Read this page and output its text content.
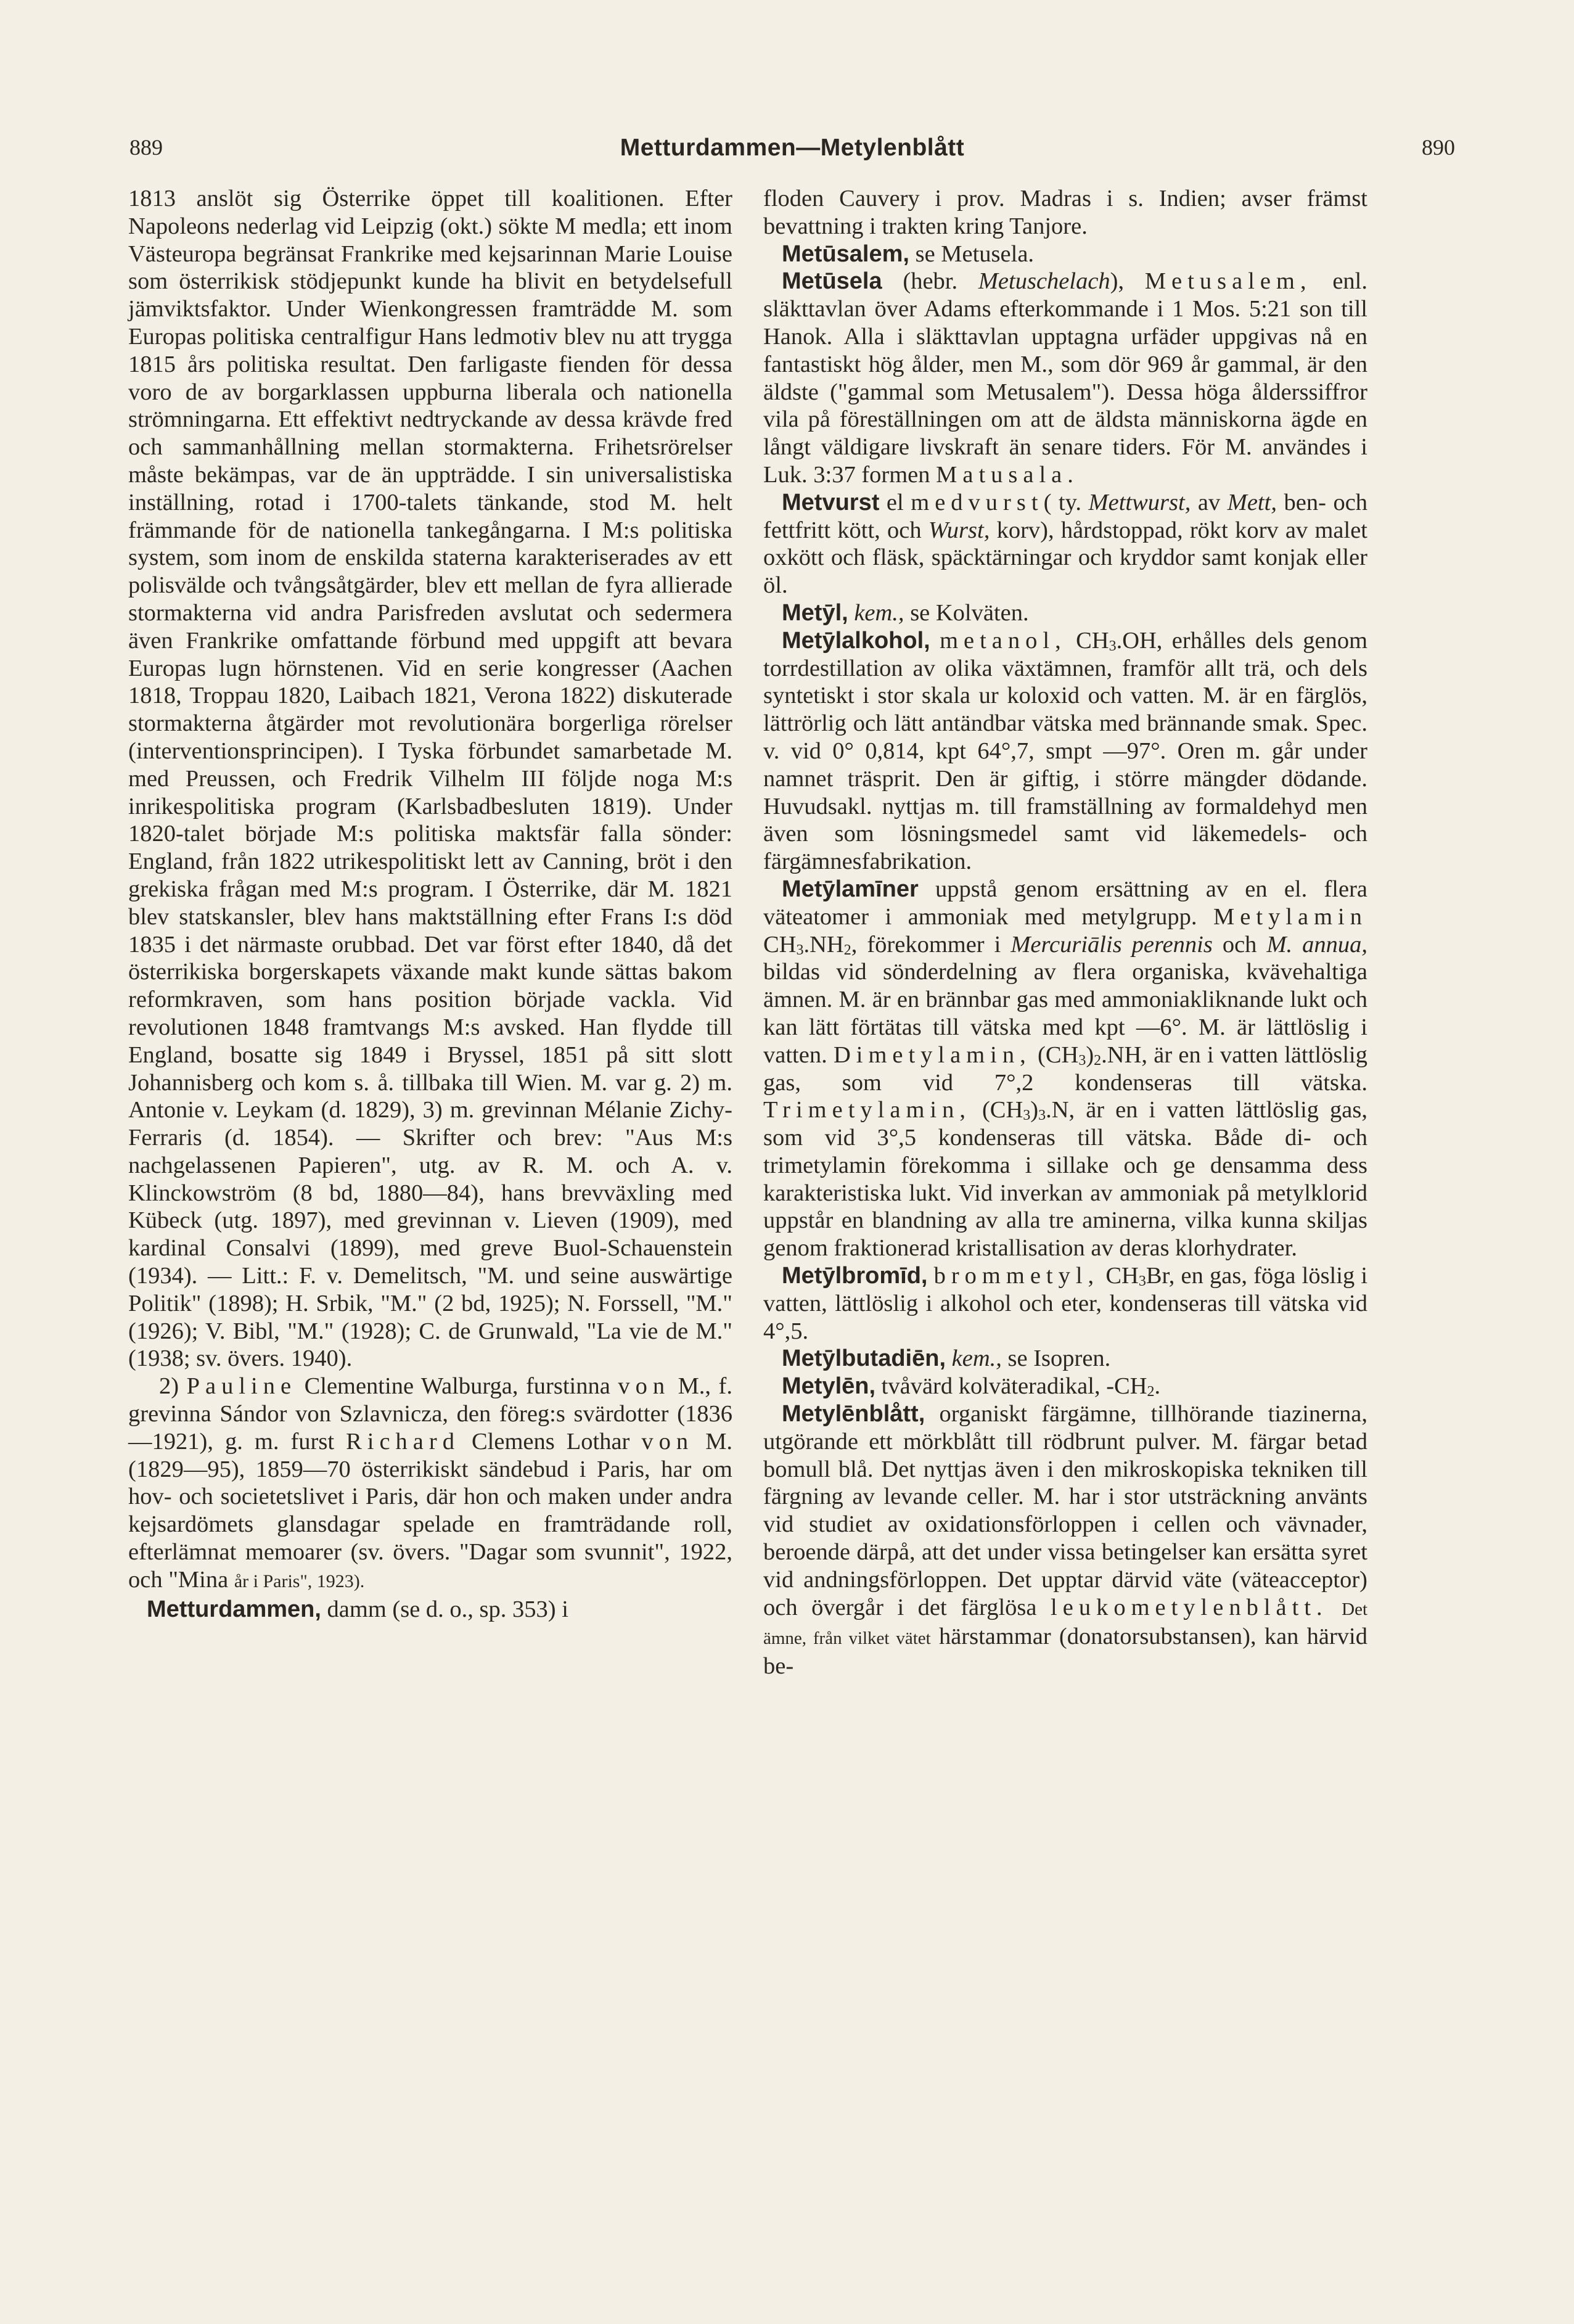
889	Metturdammen—Metylenblått	890

1813 anslöt sig Österrike öppet till koalitionen. Efter Napoleons nederlag vid Leipzig (okt.) sökte M medla; ett inom Västeuropa begränsat Frankrike med kejsarinnan Marie Louise som österrikisk stödjepunkt kunde ha blivit en betydelsefull jämviktsfaktor. Under Wienkongressen framträdde M. som Europas politiska centralfigur Hans ledmotiv blev nu att trygga 1815 års politiska resultat. Den farligaste fienden för dessa voro de av borgarklassen uppburna liberala och nationella strömningarna. Ett effektivt nedtryckande av dessa krävde fred och sammanhållning mellan stormakterna. Frihetsrörelser måste bekämpas, var de än uppträdde. I sin universalistiska inställning, rotad i 1700-talets tänkande, stod M. helt främmande för de nationella tankegångarna. I M:s politiska system, som inom de enskilda staterna karakteriserades av ett polisvälde och tvångsåtgärder, blev ett mellan de fyra allierade stormakterna vid andra Parisfreden avslutat och sedermera även Frankrike omfattande förbund med uppgift att bevara Europas lugn hörnstenen. Vid en serie kongresser (Aachen 1818, Troppau 1820, Laibach 1821, Verona 1822) diskuterade stormakterna åtgärder mot revolutionära borgerliga rörelser (interventionsprincipen). I Tyska förbundet samarbetade M. med Preussen, och Fredrik Vilhelm III följde noga M:s inrikespolitiska program (Karlsbadbesluten 1819). Under 1820-talet började M:s politiska maktsfär falla sönder: England, från 1822 utrikespolitiskt lett av Canning, bröt i den grekiska frågan med M:s program. I Österrike, där M. 1821 blev statskansler, blev hans maktställning efter Frans I:s död 1835 i det närmaste orubbad. Det var först efter 1840, då det österrikiska borgerskapets växande makt kunde sättas bakom reformkraven, som hans position började vackla. Vid revolutionen 1848 framtvangs M:s avsked. Han flydde till England, bosatte sig 1849 i Bryssel, 1851 på sitt slott Johannisberg och kom s. å. tillbaka till Wien. M. var g. 2) m. Antonie v. Leykam (d. 1829), 3) m. grevinnan Mélanie Zichy-Ferraris (d. 1854). — Skrifter och brev: "Aus M:s nachgelassenen Papieren", utg. av R. M. och A. v. Klinckowström (8 bd, 1880—84), hans brevväxling med Kübeck (utg. 1897), med grevinnan v. Lieven (1909), med kardinal Consalvi (1899), med greve Buol-Schauenstein (1934). — Litt.: F. v. Demelitsch, "M. und seine auswärtige Politik" (1898); H. Srbik, "M." (2 bd, 1925); N. Forssell, "M." (1926); V. Bibl, "M." (1928); C. de Grunwald, "La vie de M." (1938; sv. övers. 1940).

2) Pauline Clementine Walburga, furstinna von M., f. grevinna Sándor von Szlavnicza, den föreg:s svärdotter (1836—1921), g. m. furst Richard Clemens Lothar von M. (1829—95), 1859—70 österrikiskt sändebud i Paris, har om hov- och societetslivet i Paris, där hon och maken under andra kejsardömets glansdagar spelade en framträdande roll, efterlämnat memoarer (sv. övers. "Dagar som svunnit", 1922, och "Mina år i Paris", 1923).

Metturdammen, damm (se d. o., sp. 353) i

floden Cauvery i prov. Madras i s. Indien; avser främst bevattning i trakten kring Tanjore.

Metūsalem, se Metusela.

Metūsela (hebr. Metuschelach), Metusalem, enl. släkttavlan över Adams efterkommande i 1 Mos. 5:21 son till Hanok. Alla i släkttavlan upptagna urfäder uppgivas nå en fantastiskt hög ålder, men M., som dör 969 år gammal, är den äldste ("gammal som Metusalem"). Dessa höga ålderssiffror vila på föreställningen om att de äldsta människorna ägde en långt väldigare livskraft än senare tiders. För M. användes i Luk. 3:37 formen Matusala.

Metvurst el medvurst( ty. Mettwurst, av Mett, ben- och fettfritt kött, och Wurst, korv), hårdstoppad, rökt korv av malet oxkött och fläsk, späcktärningar och kryddor samt konjak eller öl.

Metȳl, kem., se Kolväten.

Metȳlalkohol, metanol, $CH_3.OH$, erhålles dels genom torrdestillation av olika växtämnen, framför allt trä, och dels syntetiskt i stor skala ur koloxid och vatten. M. är en färglös, lättrörlig och lätt antändbar vätska med brännande smak. Spec. v. vid 0° 0,814, kpt 64°,7, smpt —97°. Oren m. går under namnet träsprit. Den är giftig, i större mängder dödande. Huvudsakl. nyttjas m. till framställning av formaldehyd men även som lösningsmedel samt vid läkemedels- och färgämnesfabrikation.

Metȳlamīner uppstå genom ersättning av en el. flera väteatomer i ammoniak med metylgrupp. Metylamin $CH_3.NH_2$, förekommer i Mercuriālis perennis och M. annua, bildas vid sönderdelning av flera organiska, kvävehaltiga ämnen. M. är en brännbar gas med ammoniakliknande lukt och kan lätt förtätas till vätska med kpt —6°. M. är lättlöslig i vatten. Dimetylamin, $(CH_3)_2.NH$, är en i vatten lättlöslig gas, som vid 7°,2 kondenseras till vätska. Trimetylamin, $(CH_3)_3.N$, är en i vatten lättlöslig gas, som vid 3°,5 kondenseras till vätska. Både di- och trimetylamin förekomma i sillake och ge densamma dess karakteristiska lukt. Vid inverkan av ammoniak på metylklorid uppstår en blandning av alla tre aminerna, vilka kunna skiljas genom fraktionerad kristallisation av deras klorhydrater.

Metȳlbromīd, brommetyl, $CH_3Br$, en gas, föga löslig i vatten, lättlöslig i alkohol och eter, kondenseras till vätska vid 4°,5.

Metȳlbutadiēn, kem., se Isopren.

Metylēn, tvåvärd kolväteradikal, $-CH_2$.

Metylēnblått, organiskt färgämne, tillhörande tiazinerna, utgörande ett mörkblått till rödbrunt pulver. M. färgar betad bomull blå. Det nyttjas även i den mikroskopiska tekniken till färgning av levande celler. M. har i stor utsträckning använts vid studiet av oxidationsförloppen i cellen och vävnader, beroende därpå, att det under vissa betingelser kan ersätta syret vid andningsförloppen. Det upptar därvid väte (väteacceptor) och övergår i det färglösa leukometylenblått. Det ämne, från vilket vätet härstammar (donatorsubstansen), kan härvid be-
